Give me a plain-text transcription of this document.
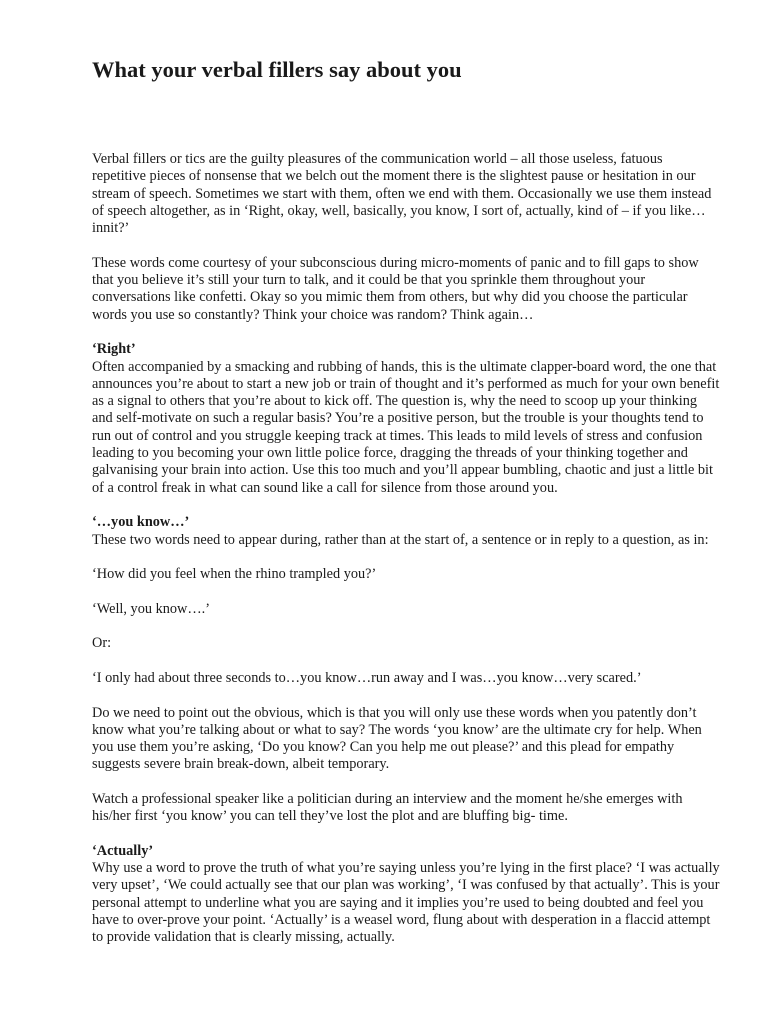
What your verbal fillers say about you

Verbal fillers or tics are the guilty pleasures of the communication world – all those useless, fatuous repetitive pieces of nonsense that we belch out the moment there is the slightest pause or hesitation in our stream of speech. Sometimes we start with them, often we end with them. Occasionally we use them instead of speech altogether, as in ‘Right, okay, well, basically, you know, I sort of, actually, kind of – if you like…innit?’

These words come courtesy of your subconscious during micro-moments of panic and to fill gaps to show that you believe it’s still your turn to talk, and it could be that you sprinkle them throughout your conversations like confetti. Okay so you mimic them from others, but why did you choose the particular words you use so constantly? Think your choice was random? Think again…

‘Right’
Often accompanied by a smacking and rubbing of hands, this is the ultimate clapper-board word, the one that announces you’re about to start a new job or train of thought and it’s performed as much for your own benefit as a signal to others that you’re about to kick off. The question is, why the need to scoop up your thinking and self-motivate on such a regular basis? You’re a positive person, but the trouble is your thoughts tend to run out of control and you struggle keeping track at times. This leads to mild levels of stress and confusion leading to you becoming your own little police force, dragging the threads of your thinking together and galvanising your brain into action. Use this too much and you’ll appear bumbling, chaotic and just a little bit of a control freak in what can sound like a call for silence from those around you.

‘…you know…’
These two words need to appear during, rather than at the start of, a sentence or in reply to a question, as in:

‘How did you feel when the rhino trampled you?’

‘Well, you know….’

Or:

‘I only had about three seconds to…you know…run away and I was…you know…very scared.’

Do we need to point out the obvious, which is that you will only use these words when you patently don’t know what you’re talking about or what to say? The words ‘you know’ are the ultimate cry for help. When you use them you’re asking, ‘Do you know? Can you help me out please?’ and this plead for empathy suggests severe brain break-down, albeit temporary.

Watch a professional speaker like a politician during an interview and the moment he/she emerges with his/her first ‘you know’ you can tell they’ve lost the plot and are bluffing big- time.

‘Actually’
Why use a word to prove the truth of what you’re saying unless you’re lying in the first place? ‘I was actually very upset’, ‘We could actually see that our plan was working’, ‘I was confused by that actually’. This is your personal attempt to underline what you are saying and it implies you’re used to being doubted and feel you have to over-prove your point. ‘Actually’ is a weasel word, flung about with desperation in a flaccid attempt to provide validation that is clearly missing, actually.
